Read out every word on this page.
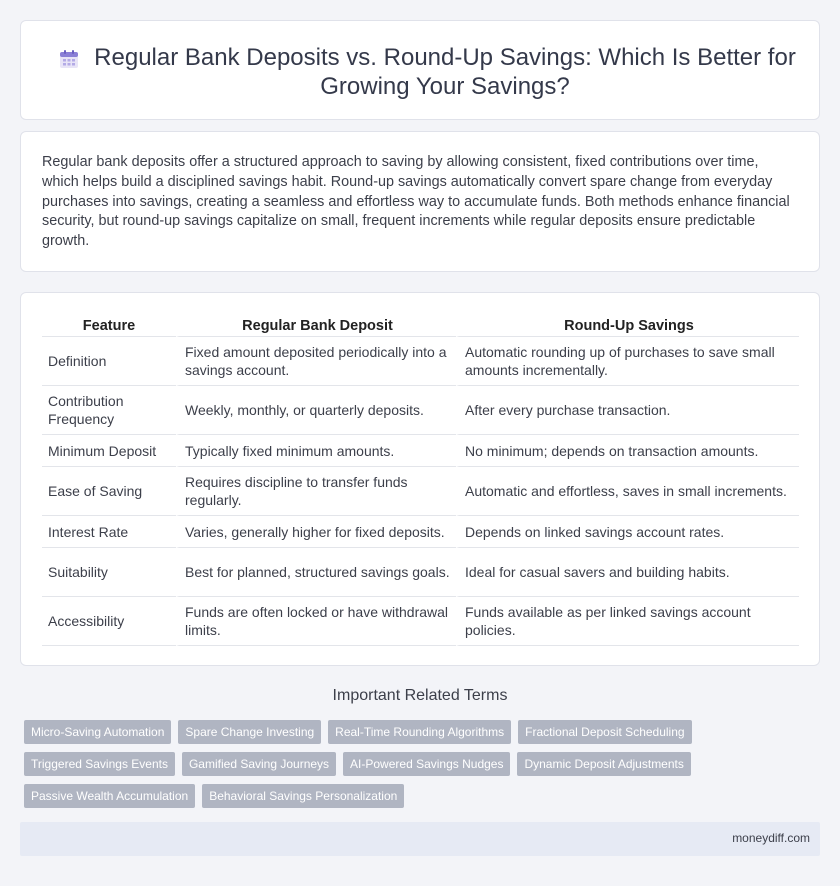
Regular Bank Deposits vs. Round-Up Savings: Which Is Better for Growing Your Savings?

Regular bank deposits offer a structured approach to saving by allowing consistent, fixed contributions over time, which helps build a disciplined savings habit. Round-up savings automatically convert spare change from everyday purchases into savings, creating a seamless and effortless way to accumulate funds. Both methods enhance financial security, but round-up savings capitalize on small, frequent increments while regular deposits ensure predictable growth.

Feature	Regular Bank Deposit	Round-Up Savings
Definition	Fixed amount deposited periodically into a savings account.	Automatic rounding up of purchases to save small amounts incrementally.
Contribution Frequency	Weekly, monthly, or quarterly deposits.	After every purchase transaction.
Minimum Deposit	Typically fixed minimum amounts.	No minimum; depends on transaction amounts.
Ease of Saving	Requires discipline to transfer funds regularly.	Automatic and effortless, saves in small increments.
Interest Rate	Varies, generally higher for fixed deposits.	Depends on linked savings account rates.
Suitability	Best for planned, structured savings goals.	Ideal for casual savers and building habits.
Accessibility	Funds are often locked or have withdrawal limits.	Funds available as per linked savings account policies.
Important Related Terms
Micro-Saving Automation	Spare Change Investing	Real-Time Rounding Algorithms	Fractional Deposit Scheduling
Triggered Savings Events	Gamified Saving Journeys	AI-Powered Savings Nudges	Dynamic Deposit Adjustments
Passive Wealth Accumulation	Behavioral Savings Personalization
moneydiff.com
